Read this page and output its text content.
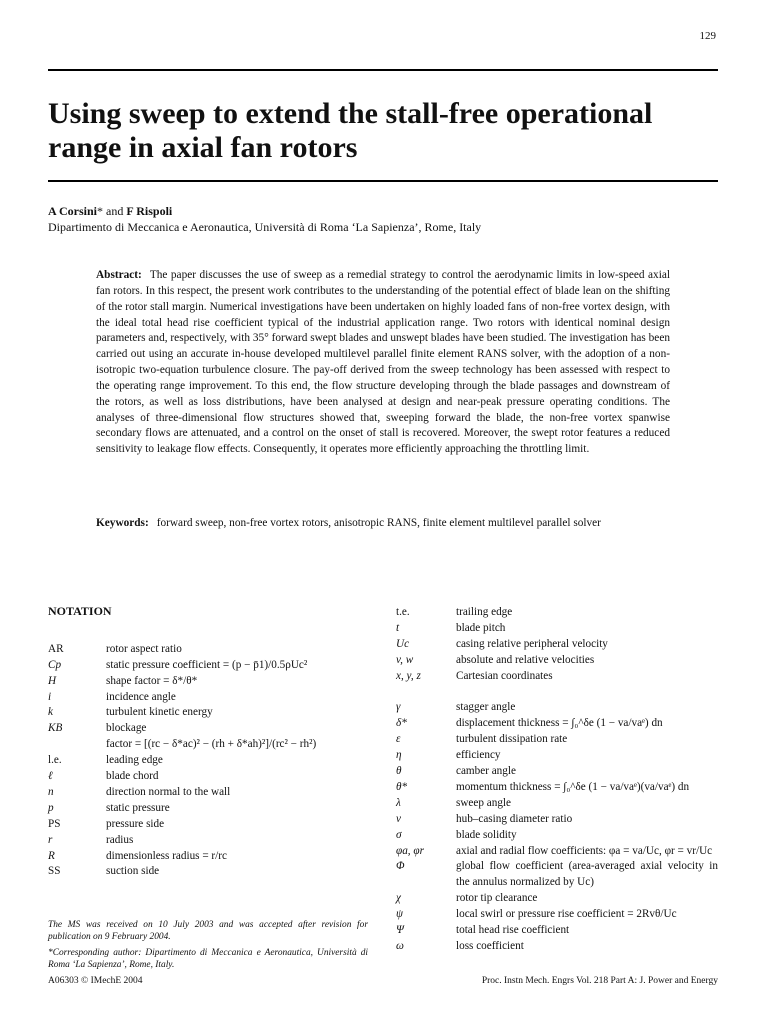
129
Using sweep to extend the stall-free operational range in axial fan rotors
A Corsini* and F Rispoli
Dipartimento di Meccanica e Aeronautica, Università di Roma ‘La Sapienza’, Rome, Italy

Abstract: The paper discusses the use of sweep as a remedial strategy to control the aerodynamic limits in low-speed axial fan rotors. In this respect, the present work contributes to the understanding of the potential effect of blade lean on the shifting of the rotor stall margin. Numerical investigations have been undertaken on highly loaded fans of non-free vortex design, with the ideal total head rise coefficient typical of the industrial application range. Two rotors with identical nominal design parameters and, respectively, with 35° forward swept blades and unswept blades have been studied. The investigation has been carried out using an accurate in-house developed multilevel parallel finite element RANS solver, with the adoption of a non-isotropic two-equation turbulence closure. The pay-off derived from the sweep technology has been assessed with respect to the operating range improvement. To this end, the flow structure developing through the blade passages and downstream of the rotors, as well as loss distributions, have been analysed at design and near-peak pressure operating conditions. The analyses of three-dimensional flow structures showed that, sweeping forward the blade, the non-free vortex spanwise secondary flows are attenuated, and a control on the onset of stall is recovered. Moreover, the swept rotor features a reduced sensitivity to leakage flow effects. Consequently, it operates more efficiently approaching the throttling limit.

Keywords: forward sweep, non-free vortex rotors, anisotropic RANS, finite element multilevel parallel solver

NOTATION

AR	rotor aspect ratio
Cp	static pressure coefficient = (p − p̄1)/0.5ρUc²
H	shape factor = δ*/θ*
i	incidence angle
k	turbulent kinetic energy
KB	blockage
	factor = [(rc − δ*ac)² − (rh + δ*ah)²]/(rc² − rh²)
l.e.	leading edge
ℓ	blade chord
n	direction normal to the wall
p	static pressure
PS	pressure side
r	radius
R	dimensionless radius = r/rc
SS	suction side
t.e.	trailing edge
t	blade pitch
Uc	casing relative peripheral velocity
v, w	absolute and relative velocities
x, y, z	Cartesian coordinates

γ	stagger angle
δ*	displacement thickness = ∫₀^δe (1 − va/vaᵉ) dn
ε	turbulent dissipation rate
η	efficiency
θ	camber angle
θ*	momentum thickness = ∫₀^δe (1 − va/vaᵉ)(va/vaᵉ) dn
λ	sweep angle
ν	hub–casing diameter ratio
σ	blade solidity
φa, φr	axial and radial flow coefficients: φa = va/Uc, φr = vr/Uc
Φ	global flow coefficient (area-averaged axial velocity in the annulus normalized by Uc)
χ	rotor tip clearance
ψ	local swirl or pressure rise coefficient = 2Rvθ/Uc
Ψ	total head rise coefficient
ω	loss coefficient

The MS was received on 10 July 2003 and was accepted after revision for publication on 9 February 2004.

*Corresponding author: Dipartimento di Meccanica e Aeronautica, Università di Roma ‘La Sapienza’, Rome, Italy.

A06303 © IMechE 2004	Proc. Instn Mech. Engrs Vol. 218 Part A: J. Power and Energy
